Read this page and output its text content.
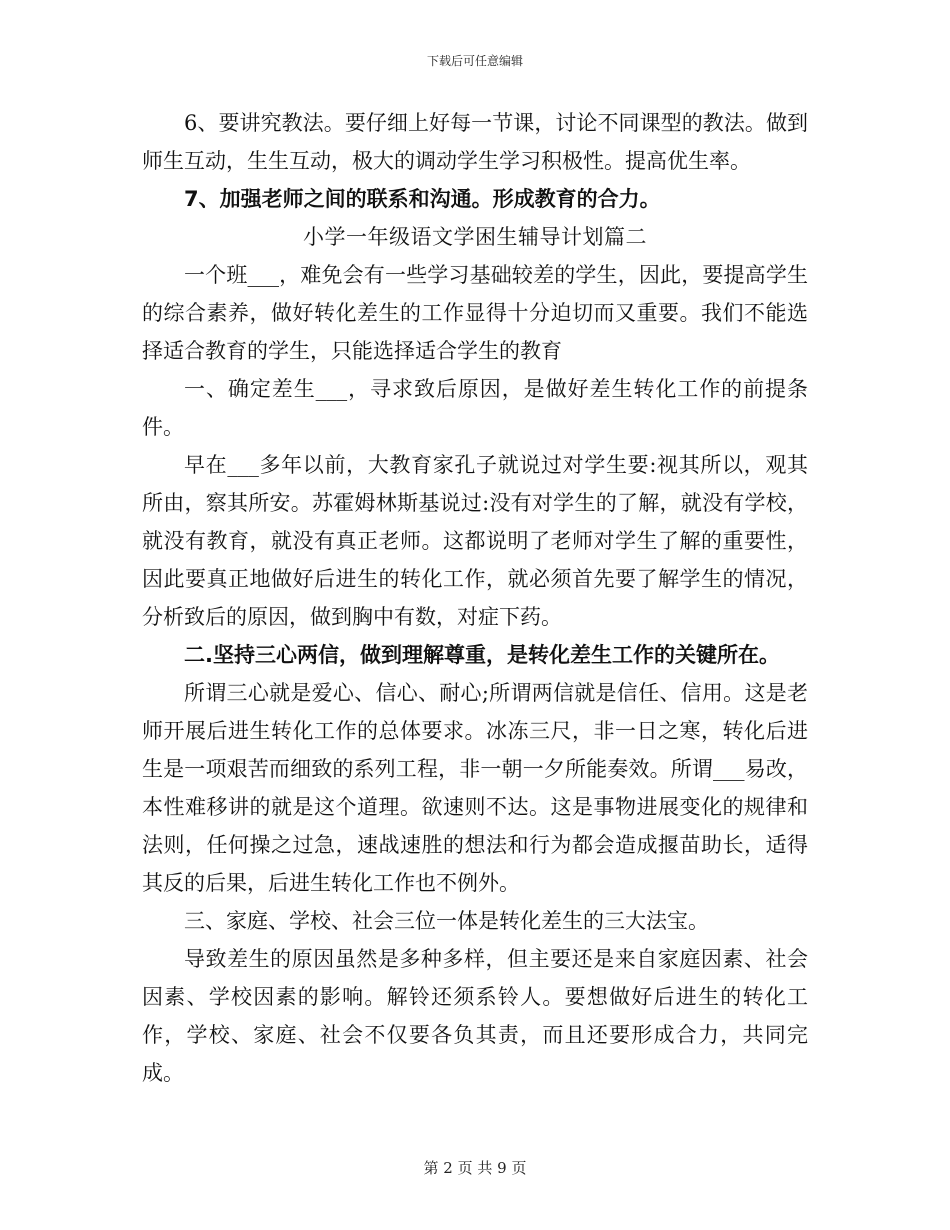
下载后可任意编辑

6、要讲究教法。要仔细上好每一节课，讨论不同课型的教法。做到师生互动，生生互动，极大的调动学生学习积极性。提高优生率。

7、加强老师之间的联系和沟通。形成教育的合力。

小学一年级语文学困生辅导计划篇二

一个班___，难免会有一些学习基础较差的学生，因此，要提高学生的综合素养，做好转化差生的工作显得十分迫切而又重要。我们不能选择适合教育的学生，只能选择适合学生的教育

一、确定差生___，寻求致后原因，是做好差生转化工作的前提条件。

早在___多年以前，大教育家孔子就说过对学生要:视其所以，观其所由，察其所安。苏霍姆林斯基说过:没有对学生的了解，就没有学校，就没有教育，就没有真正老师。这都说明了老师对学生了解的重要性，因此要真正地做好后进生的转化工作，就必须首先要了解学生的情况，分析致后的原因，做到胸中有数，对症下药。

二.坚持三心两信，做到理解尊重，是转化差生工作的关键所在。

所谓三心就是爱心、信心、耐心;所谓两信就是信任、信用。这是老师开展后进生转化工作的总体要求。冰冻三尺，非一日之寒，转化后进生是一项艰苦而细致的系列工程，非一朝一夕所能奏效。所谓___易改，本性难移讲的就是这个道理。欲速则不达。这是事物进展变化的规律和法则，任何操之过急，速战速胜的想法和行为都会造成揠苗助长，适得其反的后果，后进生转化工作也不例外。

三、家庭、学校、社会三位一体是转化差生的三大法宝。

导致差生的原因虽然是多种多样，但主要还是来自家庭因素、社会因素、学校因素的影响。解铃还须系铃人。要想做好后进生的转化工作，学校、家庭、社会不仅要各负其责，而且还要形成合力，共同完成。

第 2 页 共 9 页
